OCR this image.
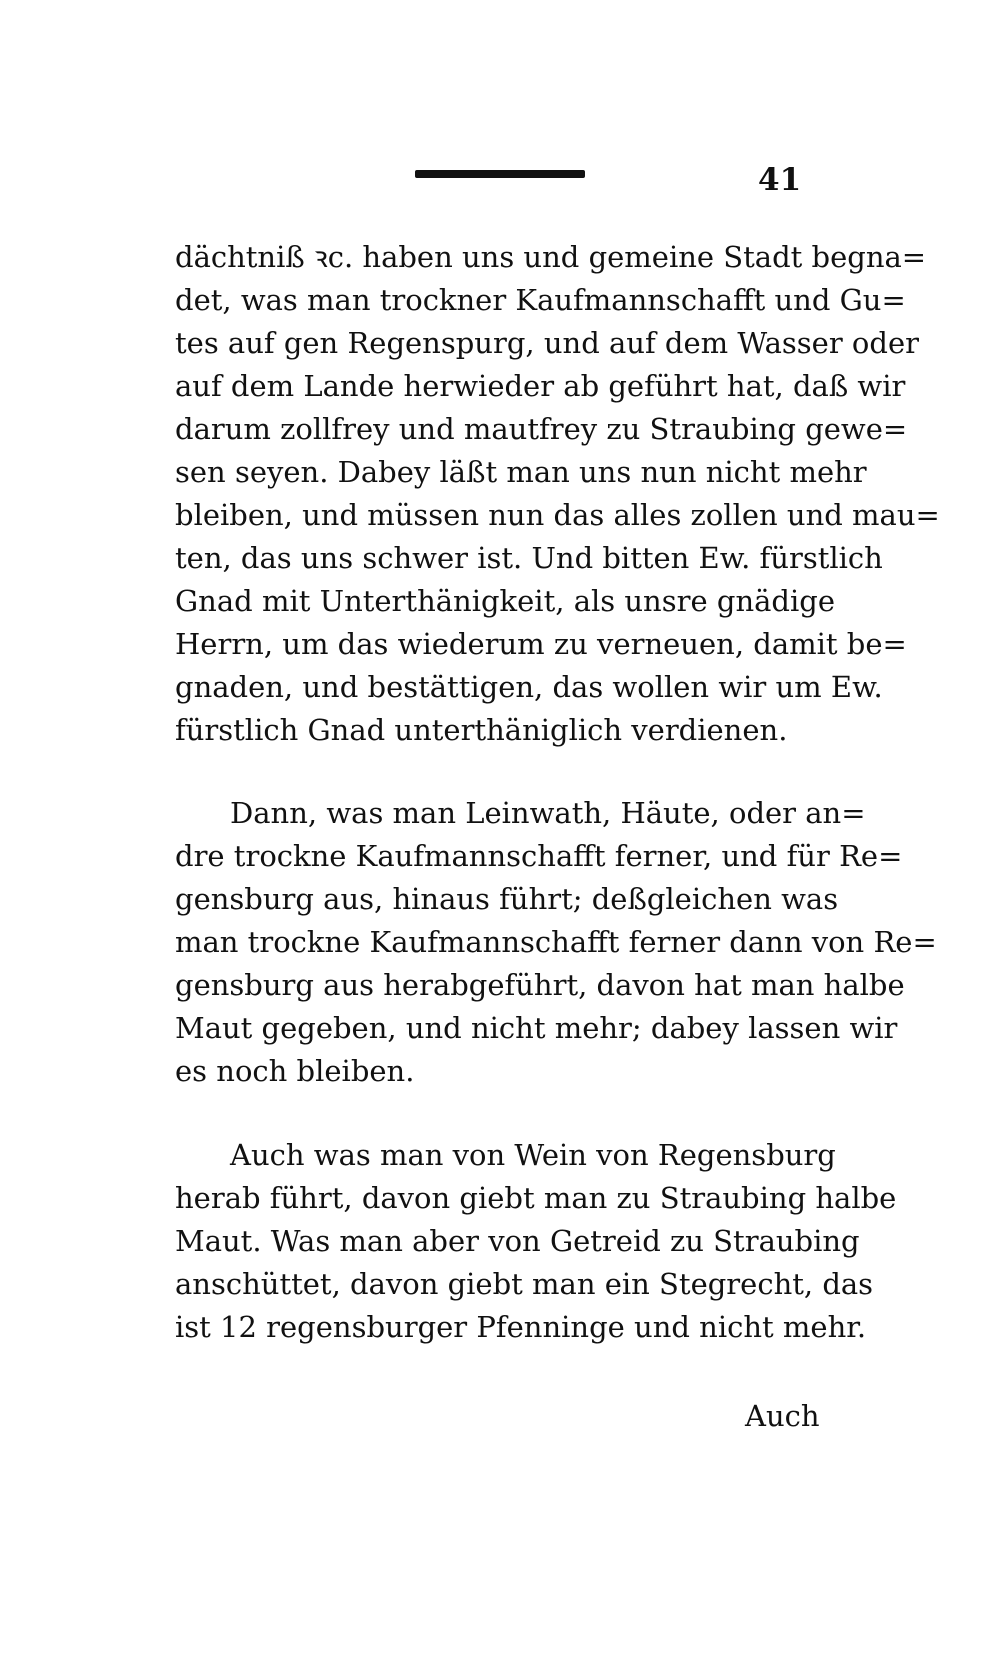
41
dächtniß ꝛc. haben uns und gemeine Stadt begna=
det, was man trockner Kaufmannschafft und Gu=
tes auf gen Regenspurg, und auf dem Wasser oder
auf dem Lande herwieder ab geführt hat, daß wir
darum zollfrey und mautfrey zu Straubing gewe=
sen seyen. Dabey läßt man uns nun nicht mehr
bleiben, und müssen nun das alles zollen und mau=
ten, das uns schwer ist. Und bitten Ew. fürstlich
Gnad mit Unterthänigkeit, als unsre gnädige
Herrn, um das wiederum zu verneuen, damit be=
gnaden, und bestättigen, das wollen wir um Ew.
fürstlich Gnad unterthäniglich verdienen.
Dann, was man Leinwath, Häute, oder an=
dre trockne Kaufmannschafft ferner, und für Re=
gensburg aus, hinaus führt; deßgleichen was
man trockne Kaufmannschafft ferner dann von Re=
gensburg aus herabgeführt, davon hat man halbe
Maut gegeben, und nicht mehr; dabey lassen wir
es noch bleiben.
Auch was man von Wein von Regensburg
herab führt, davon giebt man zu Straubing halbe
Maut. Was man aber von Getreid zu Straubing
anschüttet, davon giebt man ein Stegrecht, das
ist 12 regensburger Pfenninge und nicht mehr.
Auch
